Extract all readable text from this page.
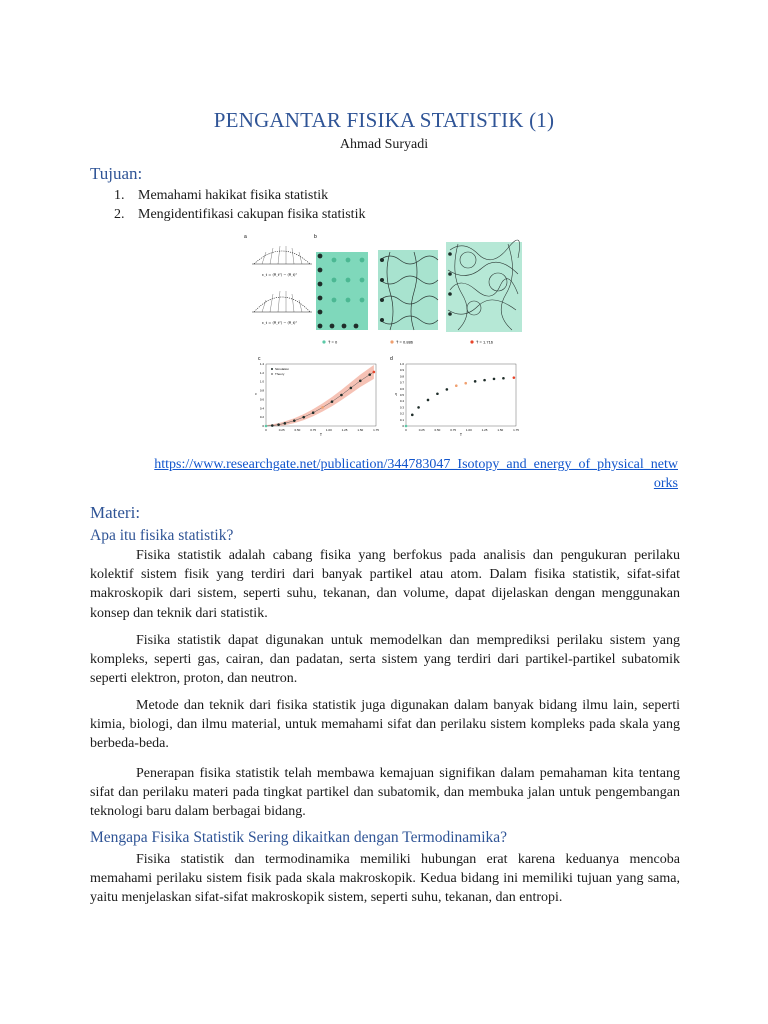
PENGANTAR FISIKA STATISTIK (1)
Ahmad Suryadi
Tujuan:
1. Memahami hakikat fisika statistik
2. Mengidentifikasi cakupan fisika statistik
a	b
c	d
ε_t = ⟨θ_t²⟩ − ⟨θ_t⟩²
ε_t = ⟨θ_t²⟩ − ⟨θ_t⟩²
T̃ = 0	T̃ = 0.886	T̃ = 1.716
0	0.25	0.50	0.75	1.00	1.25	1.50	1.75
0
0.2
0.4
0.6
0.8
1.0
1.2
1.4
T̃
ε
Simulation
Theory
0	0.25	0.50	0.75	1.00	1.25	1.50	1.75
0
0.1
0.2
0.3
0.4
0.5
0.6
0.7
0.8
0.9
1.0
T̃
η
https://www.researchgate.net/publication/344783047_Isotopy_and_energy_of_physical_netw
orks
Materi:
Apa itu fisika statistik?
Fisika statistik adalah cabang fisika yang berfokus pada analisis dan pengukuran perilaku kolektif sistem fisik yang terdiri dari banyak partikel atau atom. Dalam fisika statistik, sifat-sifat makroskopik dari sistem, seperti suhu, tekanan, dan volume, dapat dijelaskan dengan menggunakan konsep dan teknik dari statistik.
Fisika statistik dapat digunakan untuk memodelkan dan memprediksi perilaku sistem yang kompleks, seperti gas, cairan, dan padatan, serta sistem yang terdiri dari partikel-partikel subatomik seperti elektron, proton, dan neutron.
Metode dan teknik dari fisika statistik juga digunakan dalam banyak bidang ilmu lain, seperti kimia, biologi, dan ilmu material, untuk memahami sifat dan perilaku sistem kompleks pada skala yang berbeda-beda.
Penerapan fisika statistik telah membawa kemajuan signifikan dalam pemahaman kita tentang sifat dan perilaku materi pada tingkat partikel dan subatomik, dan membuka jalan untuk pengembangan teknologi baru dalam berbagai bidang.
Mengapa Fisika Statistik Sering dikaitkan dengan Termodinamika?
Fisika statistik dan termodinamika memiliki hubungan erat karena keduanya mencoba memahami perilaku sistem fisik pada skala makroskopik. Kedua bidang ini memiliki tujuan yang sama, yaitu menjelaskan sifat-sifat makroskopik sistem, seperti suhu, tekanan, dan entropi.
